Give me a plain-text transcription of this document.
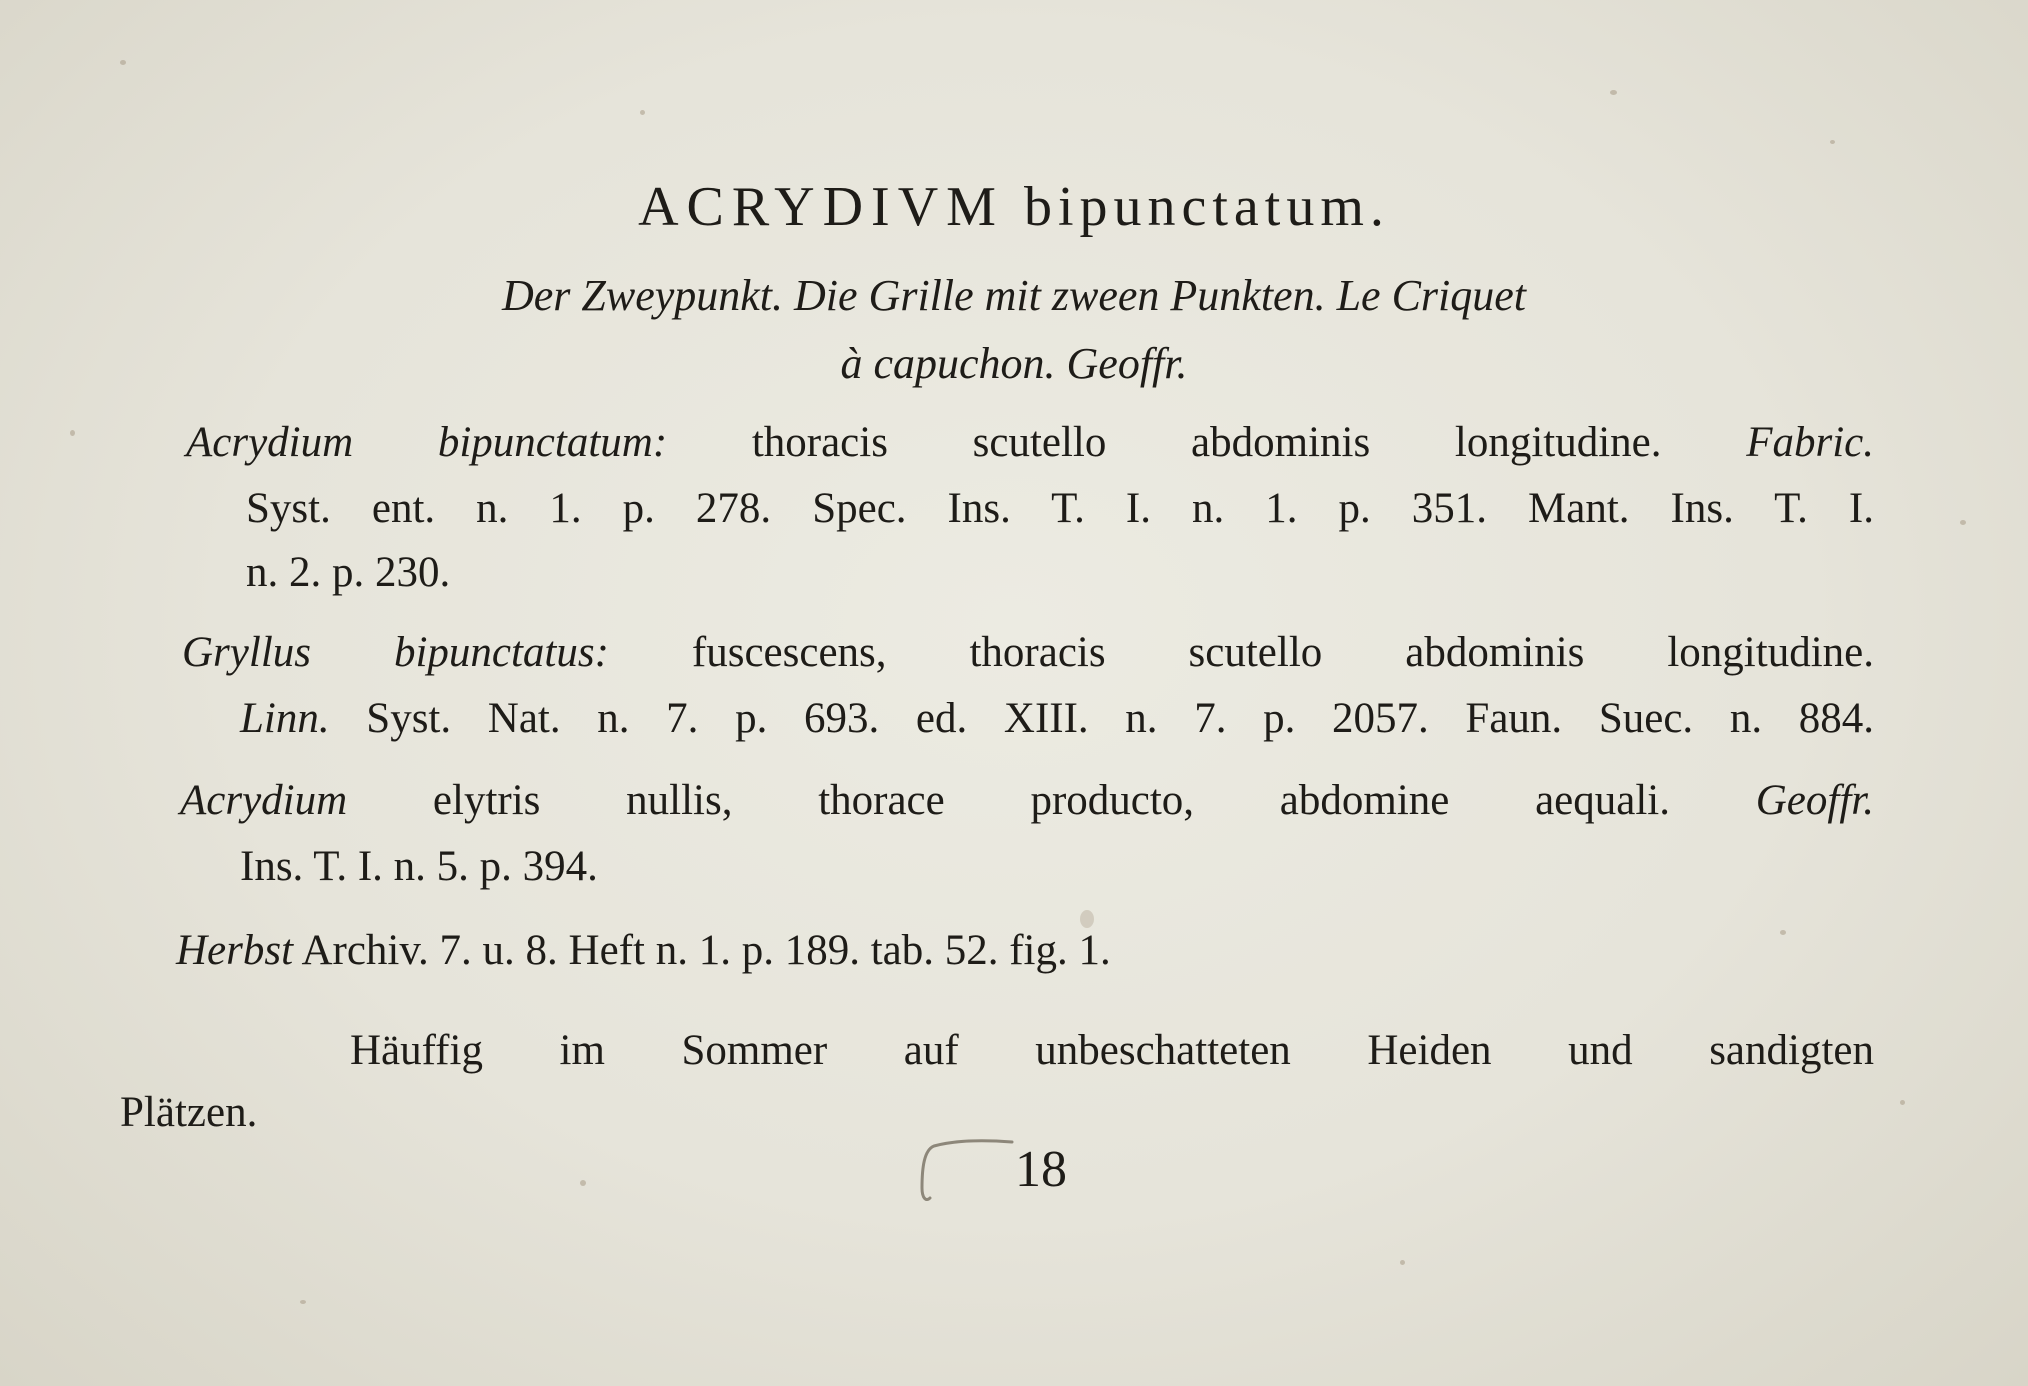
ACRYDIVM bipunctatum.
Der Zweypunkt. Die Grille mit zween Punkten. Le Criquet
à capuchon. Geoffr.
Acrydium bipunctatum: thoracis scutello abdominis longitudine. Fabric.
Syst. ent. n. 1. p. 278. Spec. Ins. T. I. n. 1. p. 351. Mant. Ins. T. I.
n. 2. p. 230.
Gryllus bipunctatus: fuscescens, thoracis scutello abdominis longitudine.
Linn. Syst. Nat. n. 7. p. 693. ed. XIII. n. 7. p. 2057. Faun. Suec. n. 884.
Acrydium elytris nullis, thorace producto, abdomine aequali. Geoffr.
Ins. T. I. n. 5. p. 394.
Herbst Archiv. 7. u. 8. Heft n. 1. p. 189. tab. 52. fig. 1.
Häuffig im Sommer auf unbeschatteten Heiden und sandigten
Plätzen.
18
